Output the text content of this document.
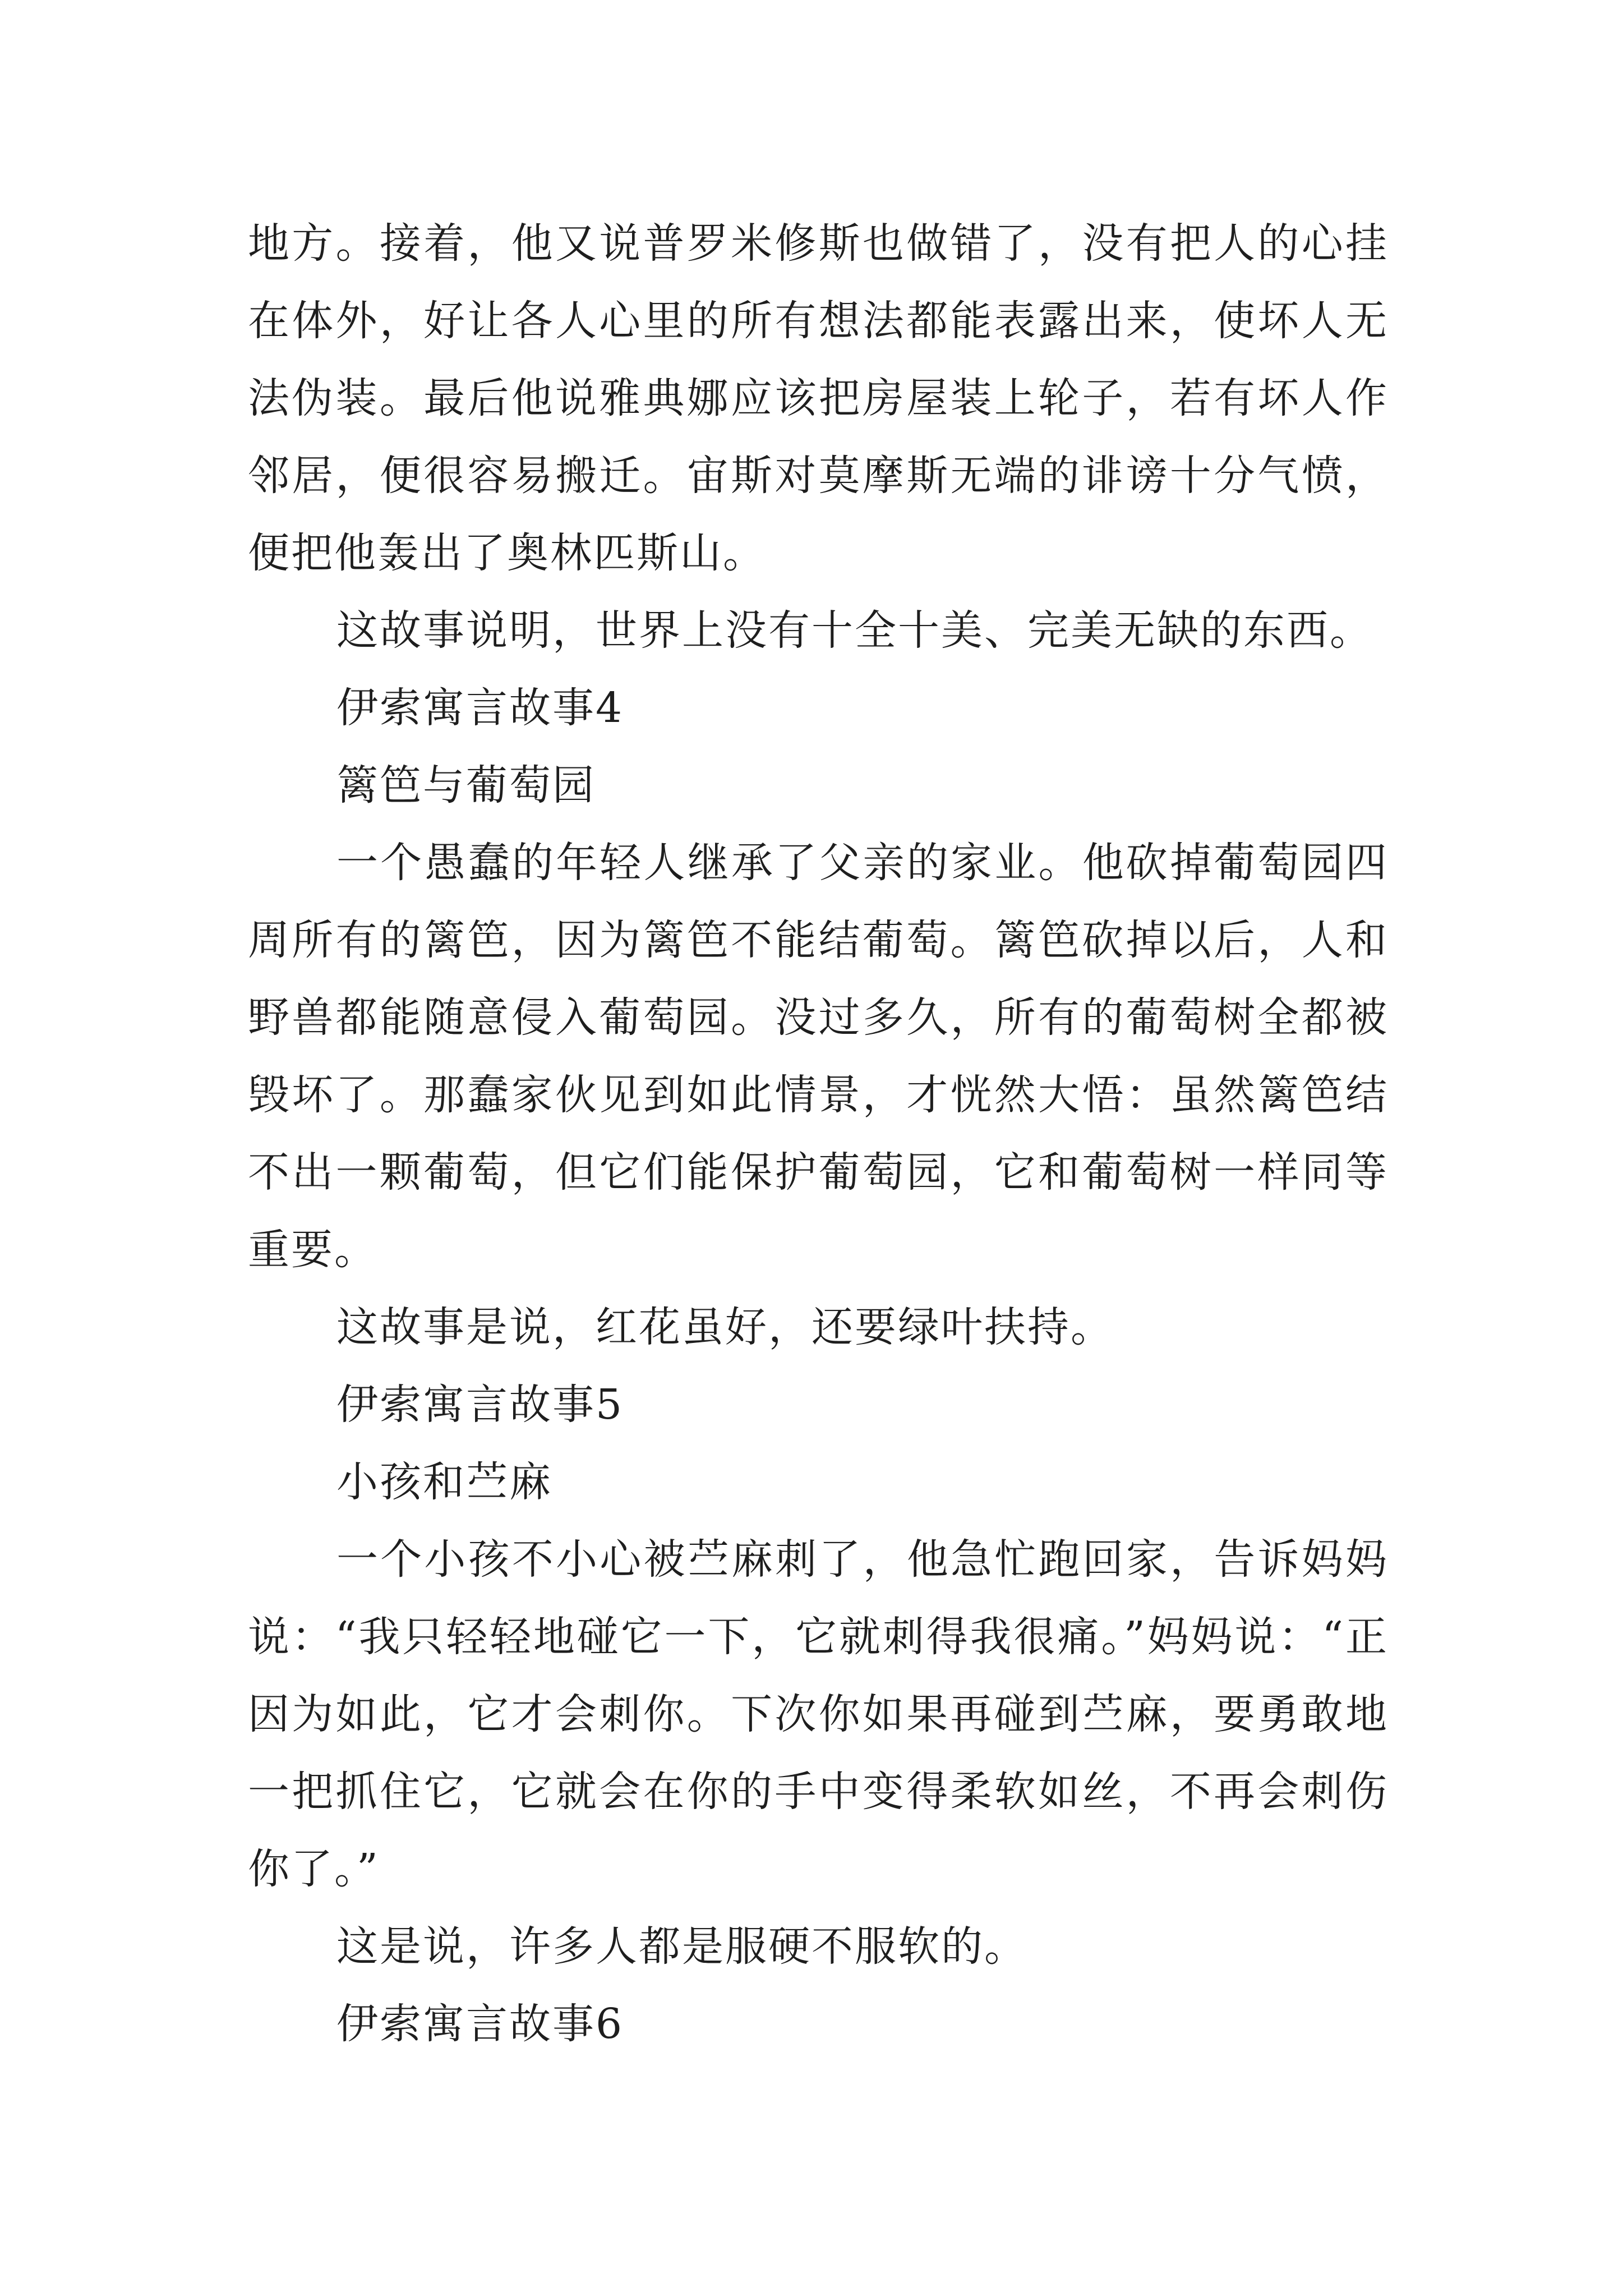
地方。接着，他又说普罗米修斯也做错了，没有把人的心挂

在体外，好让各人心里的所有想法都能表露出来，使坏人无

法伪装。最后他说雅典娜应该把房屋装上轮子，若有坏人作

邻居，便很容易搬迁。宙斯对莫摩斯无端的诽谤十分气愤，

便把他轰出了奥林匹斯山。

这故事说明，世界上没有十全十美、完美无缺的东西。

伊索寓言故事4

篱笆与葡萄园

一个愚蠢的年轻人继承了父亲的家业。他砍掉葡萄园四

周所有的篱笆，因为篱笆不能结葡萄。篱笆砍掉以后，人和

野兽都能随意侵入葡萄园。没过多久，所有的葡萄树全都被

毁坏了。那蠢家伙见到如此情景，才恍然大悟：虽然篱笆结

不出一颗葡萄，但它们能保护葡萄园，它和葡萄树一样同等

重要。

这故事是说，红花虽好，还要绿叶扶持。

伊索寓言故事5

小孩和苎麻

一个小孩不小心被苎麻刺了，他急忙跑回家，告诉妈妈

说：“我只轻轻地碰它一下，它就刺得我很痛。”妈妈说：“正

因为如此，它才会刺你。下次你如果再碰到苎麻，要勇敢地

一把抓住它，它就会在你的手中变得柔软如丝，不再会刺伤

你了。”

这是说，许多人都是服硬不服软的。

伊索寓言故事6
